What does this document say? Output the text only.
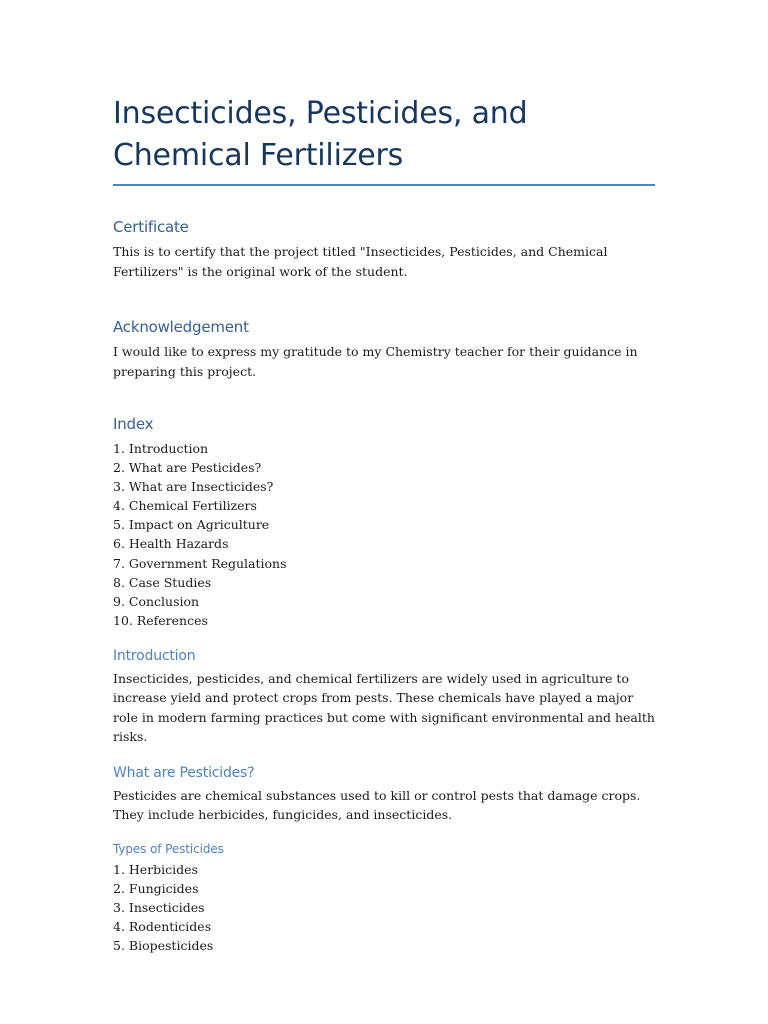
Insecticides, Pesticides, and Chemical Fertilizers
Certificate

This is to certify that the project titled "Insecticides, Pesticides, and Chemical Fertilizers" is the original work of the student.

Acknowledgement

I would like to express my gratitude to my Chemistry teacher for their guidance in preparing this project.

Index
1. Introduction
2. What are Pesticides?
3. What are Insecticides?
4. Chemical Fertilizers
5. Impact on Agriculture
6. Health Hazards
7. Government Regulations
8. Case Studies
9. Conclusion
10. References
Introduction

Insecticides, pesticides, and chemical fertilizers are widely used in agriculture to increase yield and protect crops from pests. These chemicals have played a major role in modern farming practices but come with significant environmental and health risks.

What are Pesticides?

Pesticides are chemical substances used to kill or control pests that damage crops. They include herbicides, fungicides, and insecticides.

Types of Pesticides
1. Herbicides
2. Fungicides
3. Insecticides
4. Rodenticides
5. Biopesticides
